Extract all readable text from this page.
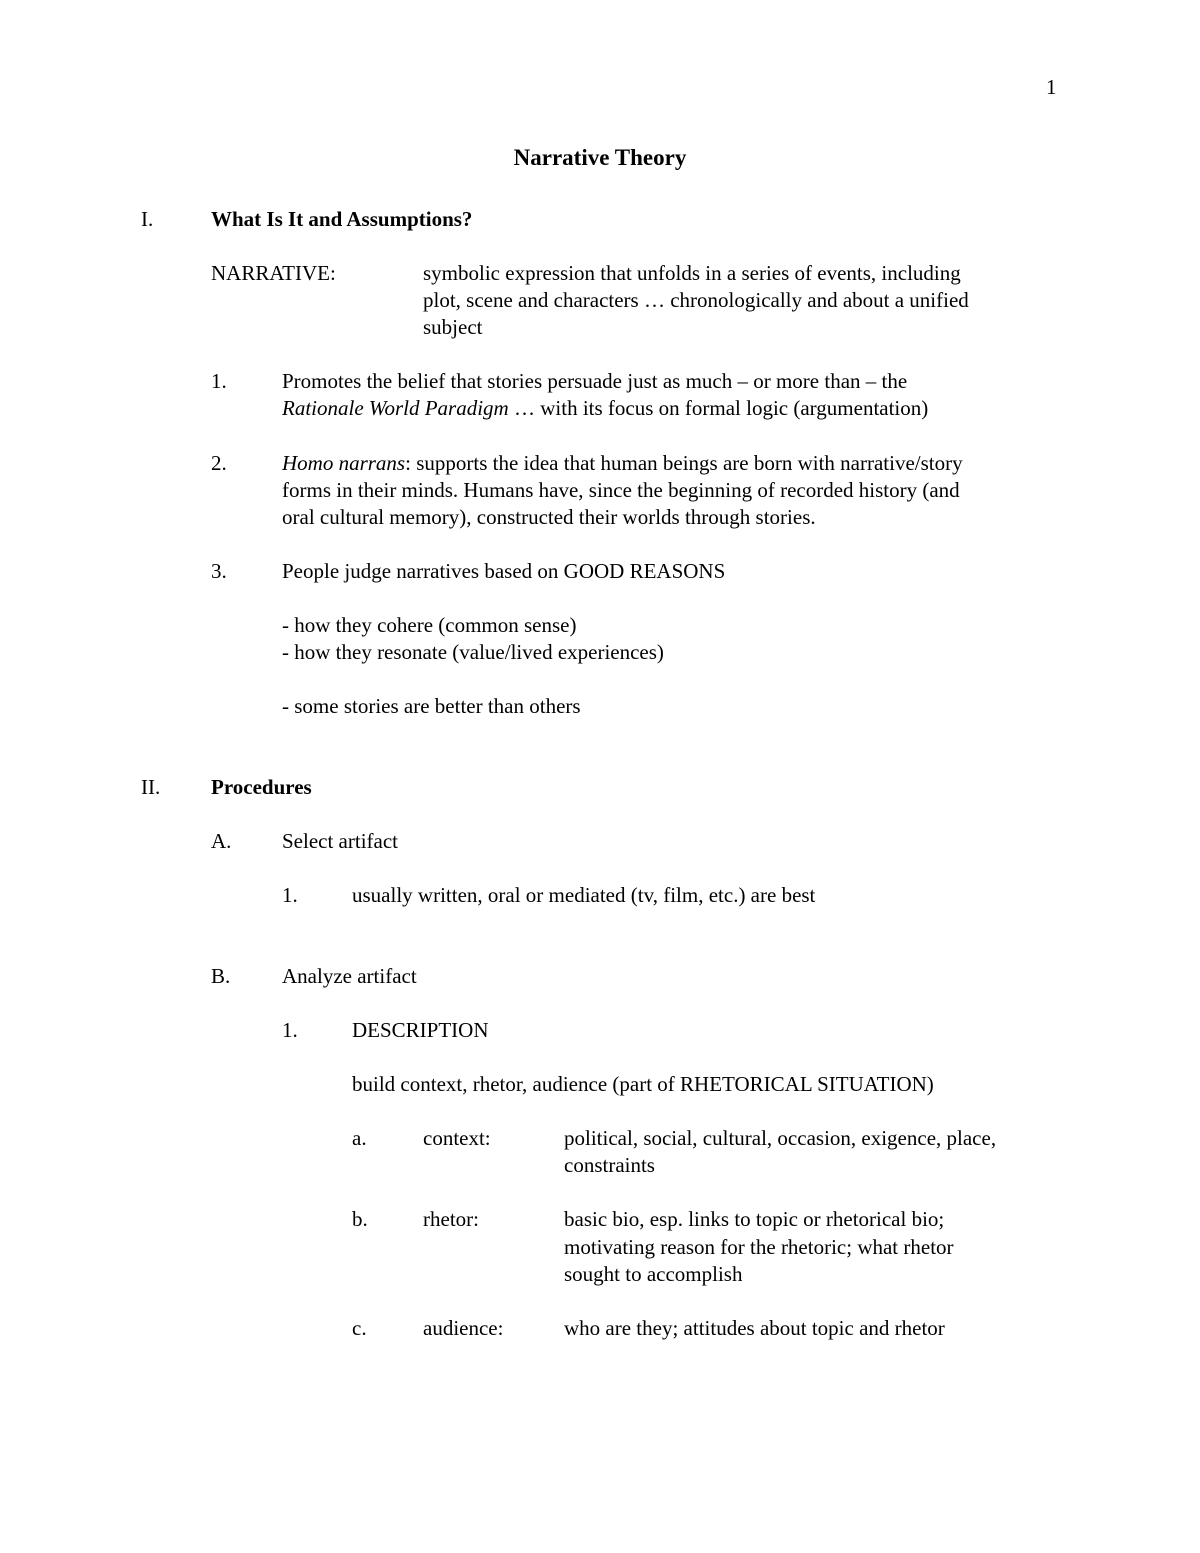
1
Narrative Theory
I.	What Is It and Assumptions?
NARRATIVE:	symbolic expression that unfolds in a series of events, including
plot, scene and characters … chronologically and about a unified
subject
1.	Promotes the belief that stories persuade just as much – or more than – the
Rationale World Paradigm … with its focus on formal logic (argumentation)
2.	Homo narrans: supports the idea that human beings are born with narrative/story
forms in their minds. Humans have, since the beginning of recorded history (and
oral cultural memory), constructed their worlds through stories.
3.	People judge narratives based on GOOD REASONS
- how they cohere (common sense)
- how they resonate (value/lived experiences)
- some stories are better than others
II. Procedures
A. Select artifact
1.	usually written, oral or mediated (tv, film, etc.) are best
B. Analyze artifact
1.	DESCRIPTION
build context, rhetor, audience (part of RHETORICAL SITUATION)
a.	context:	political, social, cultural, occasion, exigence, place,
constraints
b.	rhetor:	basic bio, esp. links to topic or rhetorical bio;
motivating reason for the rhetoric; what rhetor
sought to accomplish
c.	audience:	who are they; attitudes about topic and rhetor
